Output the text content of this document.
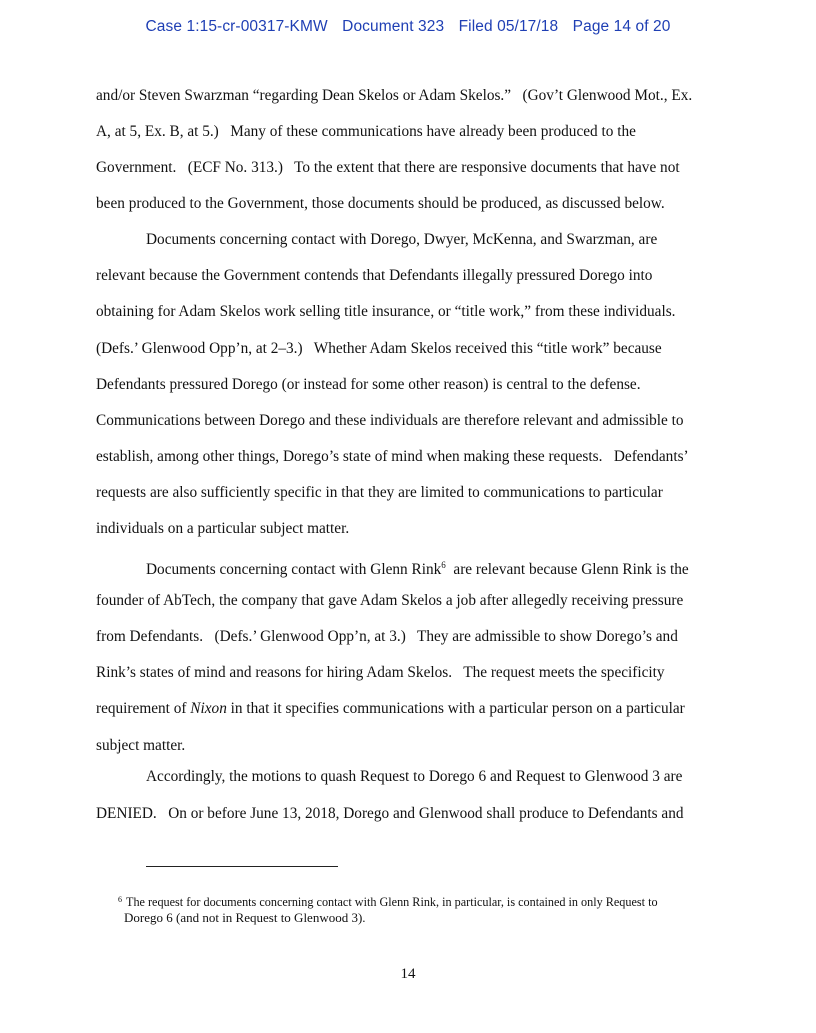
Case 1:15-cr-00317-KMW Document 323 Filed 05/17/18 Page 14 of 20
and/or Steven Swarzman “regarding Dean Skelos or Adam Skelos.”   (Gov’t Glenwood Mot., Ex.
A, at 5, Ex. B, at 5.)   Many of these communications have already been produced to the
Government.   (ECF No. 313.)   To the extent that there are responsive documents that have not
been produced to the Government, those documents should be produced, as discussed below.
Documents concerning contact with Dorego, Dwyer, McKenna, and Swarzman, are
relevant because the Government contends that Defendants illegally pressured Dorego into
obtaining for Adam Skelos work selling title insurance, or “title work,” from these individuals.
(Defs.’ Glenwood Opp’n, at 2–3.)   Whether Adam Skelos received this “title work” because
Defendants pressured Dorego (or instead for some other reason) is central to the defense.
Communications between Dorego and these individuals are therefore relevant and admissible to
establish, among other things, Dorego’s state of mind when making these requests.   Defendants’
requests are also sufficiently specific in that they are limited to communications to particular
individuals on a particular subject matter.
Documents concerning contact with Glenn Rink$^6$  are relevant because Glenn Rink is the
founder of AbTech, the company that gave Adam Skelos a job after allegedly receiving pressure
from Defendants.   (Defs.’ Glenwood Opp’n, at 3.)   They are admissible to show Dorego’s and
Rink’s states of mind and reasons for hiring Adam Skelos.   The request meets the specificity
requirement of Nixon in that it specifies communications with a particular person on a particular
subject matter.
Accordingly, the motions to quash Request to Dorego 6 and Request to Glenwood 3 are
DENIED.   On or before June 13, 2018, Dorego and Glenwood shall produce to Defendants and
$^6$ The request for documents concerning contact with Glenn Rink, in particular, is contained in only Request to
Dorego 6 (and not in Request to Glenwood 3).
14
